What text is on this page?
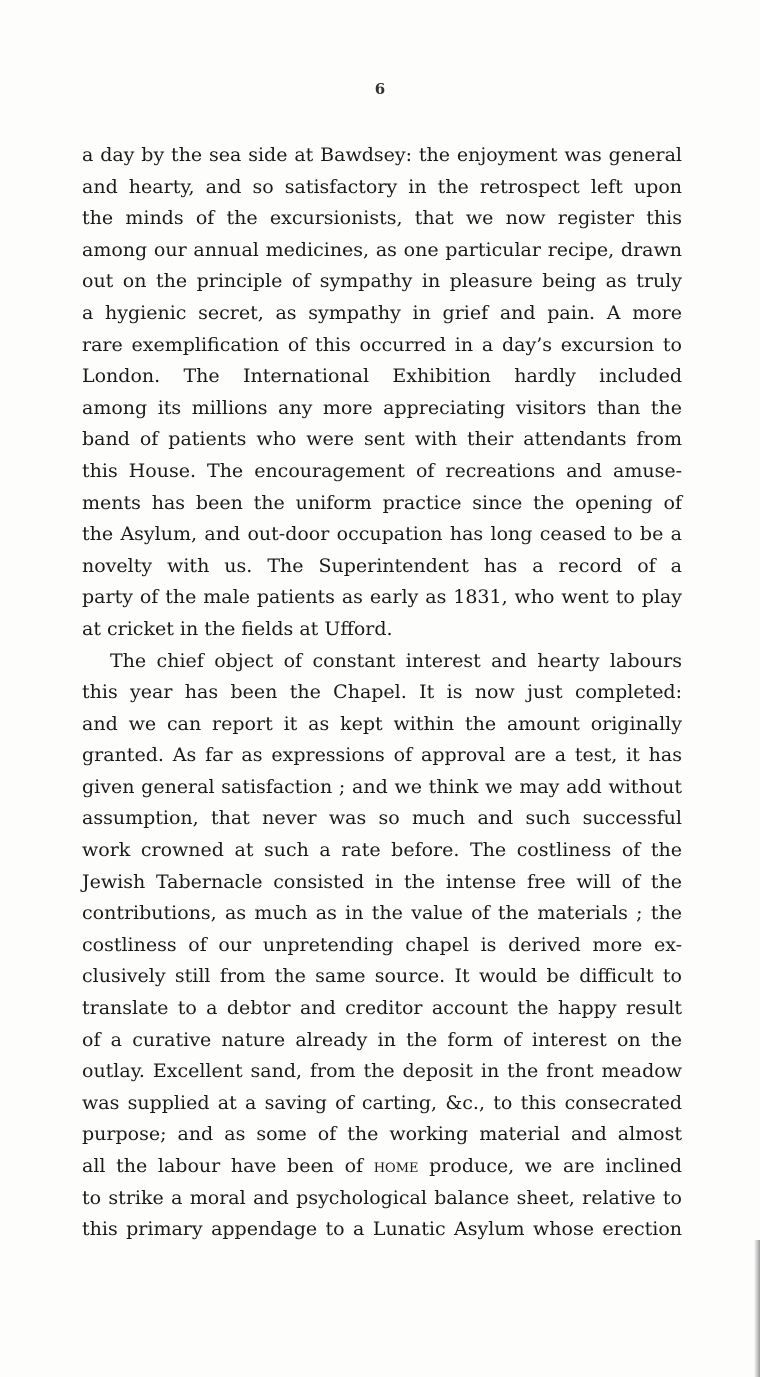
6
a day by the sea side at Bawdsey: the enjoyment was general
and hearty, and so satisfactory in the retrospect left upon
the minds of the excursionists, that we now register this
among our annual medicines, as one particular recipe, drawn
out on the principle of sympathy in pleasure being as truly
a hygienic secret, as sympathy in grief and pain. A more
rare exemplification of this occurred in a day’s excursion to
London. The International Exhibition hardly included
among its millions any more appreciating visitors than the
band of patients who were sent with their attendants from
this House. The encouragement of recreations and amuse-
ments has been the uniform practice since the opening of
the Asylum, and out-door occupation has long ceased to be a
novelty with us. The Superintendent has a record of a
party of the male patients as early as 1831, who went to play
at cricket in the fields at Ufford.
The chief object of constant interest and hearty labours
this year has been the Chapel. It is now just completed:
and we can report it as kept within the amount originally
granted. As far as expressions of approval are a test, it has
given general satisfaction ; and we think we may add without
assumption, that never was so much and such successful
work crowned at such a rate before. The costliness of the
Jewish Tabernacle consisted in the intense free will of the
contributions, as much as in the value of the materials ; the
costliness of our unpretending chapel is derived more ex-
clusively still from the same source. It would be difficult to
translate to a debtor and creditor account the happy result
of a curative nature already in the form of interest on the
outlay. Excellent sand, from the deposit in the front meadow
was supplied at a saving of carting, &c., to this consecrated
purpose; and as some of the working material and almost
all the labour have been of home produce, we are inclined
to strike a moral and psychological balance sheet, relative to
this primary appendage to a Lunatic Asylum whose erection
